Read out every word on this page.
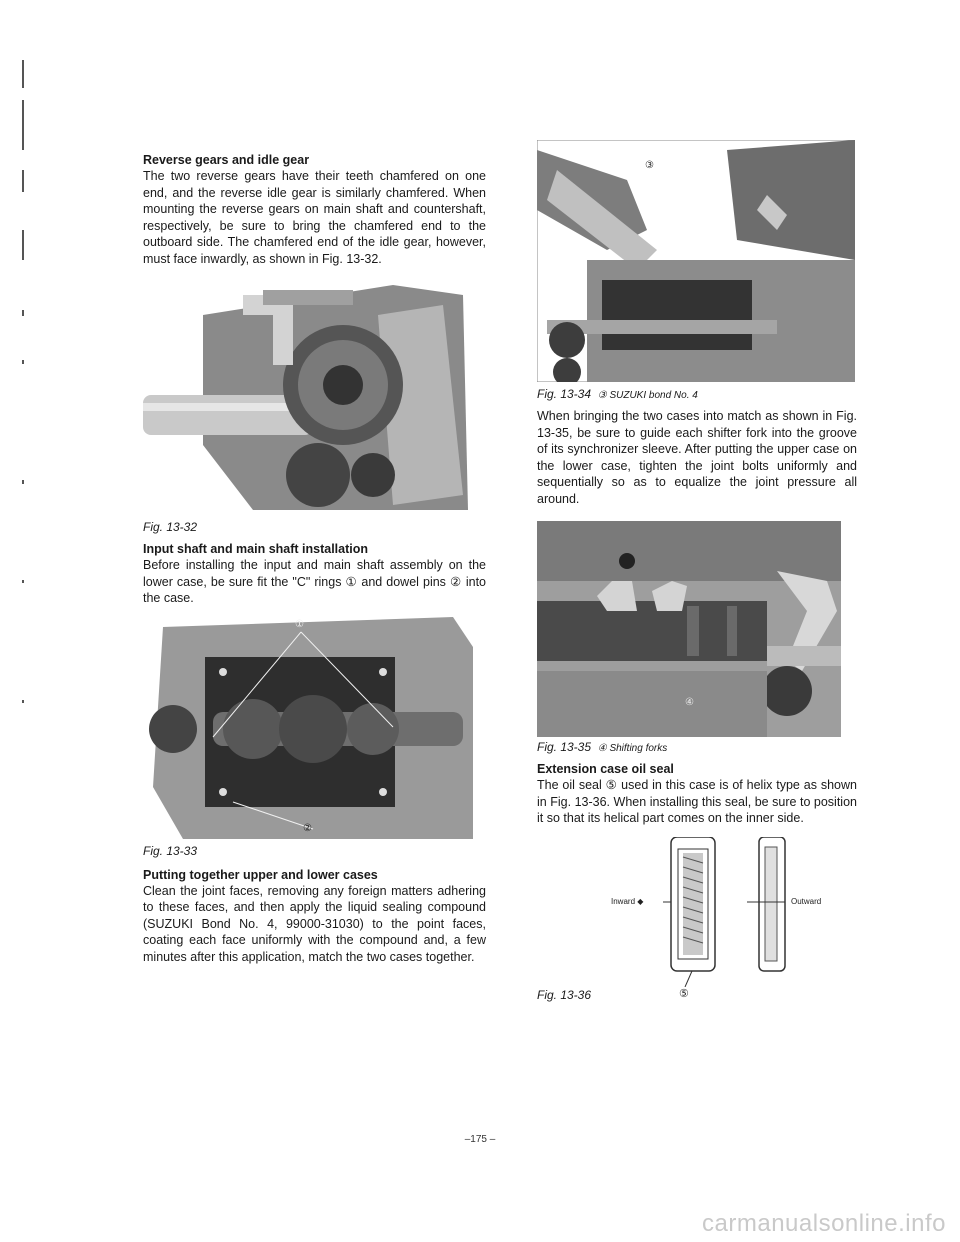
Reverse gears and idle gear

The two reverse gears have their teeth chamfered on one end, and the reverse idle gear is similarly chamfered. When mounting the reverse gears on main shaft and countershaft, respectively, be sure to bring the chamfered end to the outboard side. The chamfered end of the idle gear, however, must face inwardly, as shown in Fig. 13-32.

Fig. 13-32

Input shaft and main shaft installation

Before installing the input and main shaft assembly on the lower case, be sure fit the "C" rings ① and dowel pins ② into the case.

①
②

Fig. 13-33

Putting together upper and lower cases

Clean the joint faces, removing any foreign matters adhering to these faces, and then apply the liquid sealing compound (SUZUKI Bond No. 4, 99000-31030) to the point faces, coating each face uniformly with the compound and, a few minutes after this application, match the two cases together.

③

Fig. 13-34 ③ SUZUKI bond No. 4

When bringing the two cases into match as shown in Fig. 13-35, be sure to guide each shifter fork into the groove of its synchronizer sleeve. After putting the upper case on the lower case, tighten the joint bolts uniformly and sequentially so as to equalize the joint pressure all around.

④

Fig. 13-35 ④ Shifting forks

Extension case oil seal

The oil seal ⑤ used in this case is of helix type as shown in Fig. 13-36. When installing this seal, be sure to position it so that its helical part comes on the inner side.

Inward ◆	Outward
Fig. 13-36	⑤
–175 –
carmanualsonline.info
